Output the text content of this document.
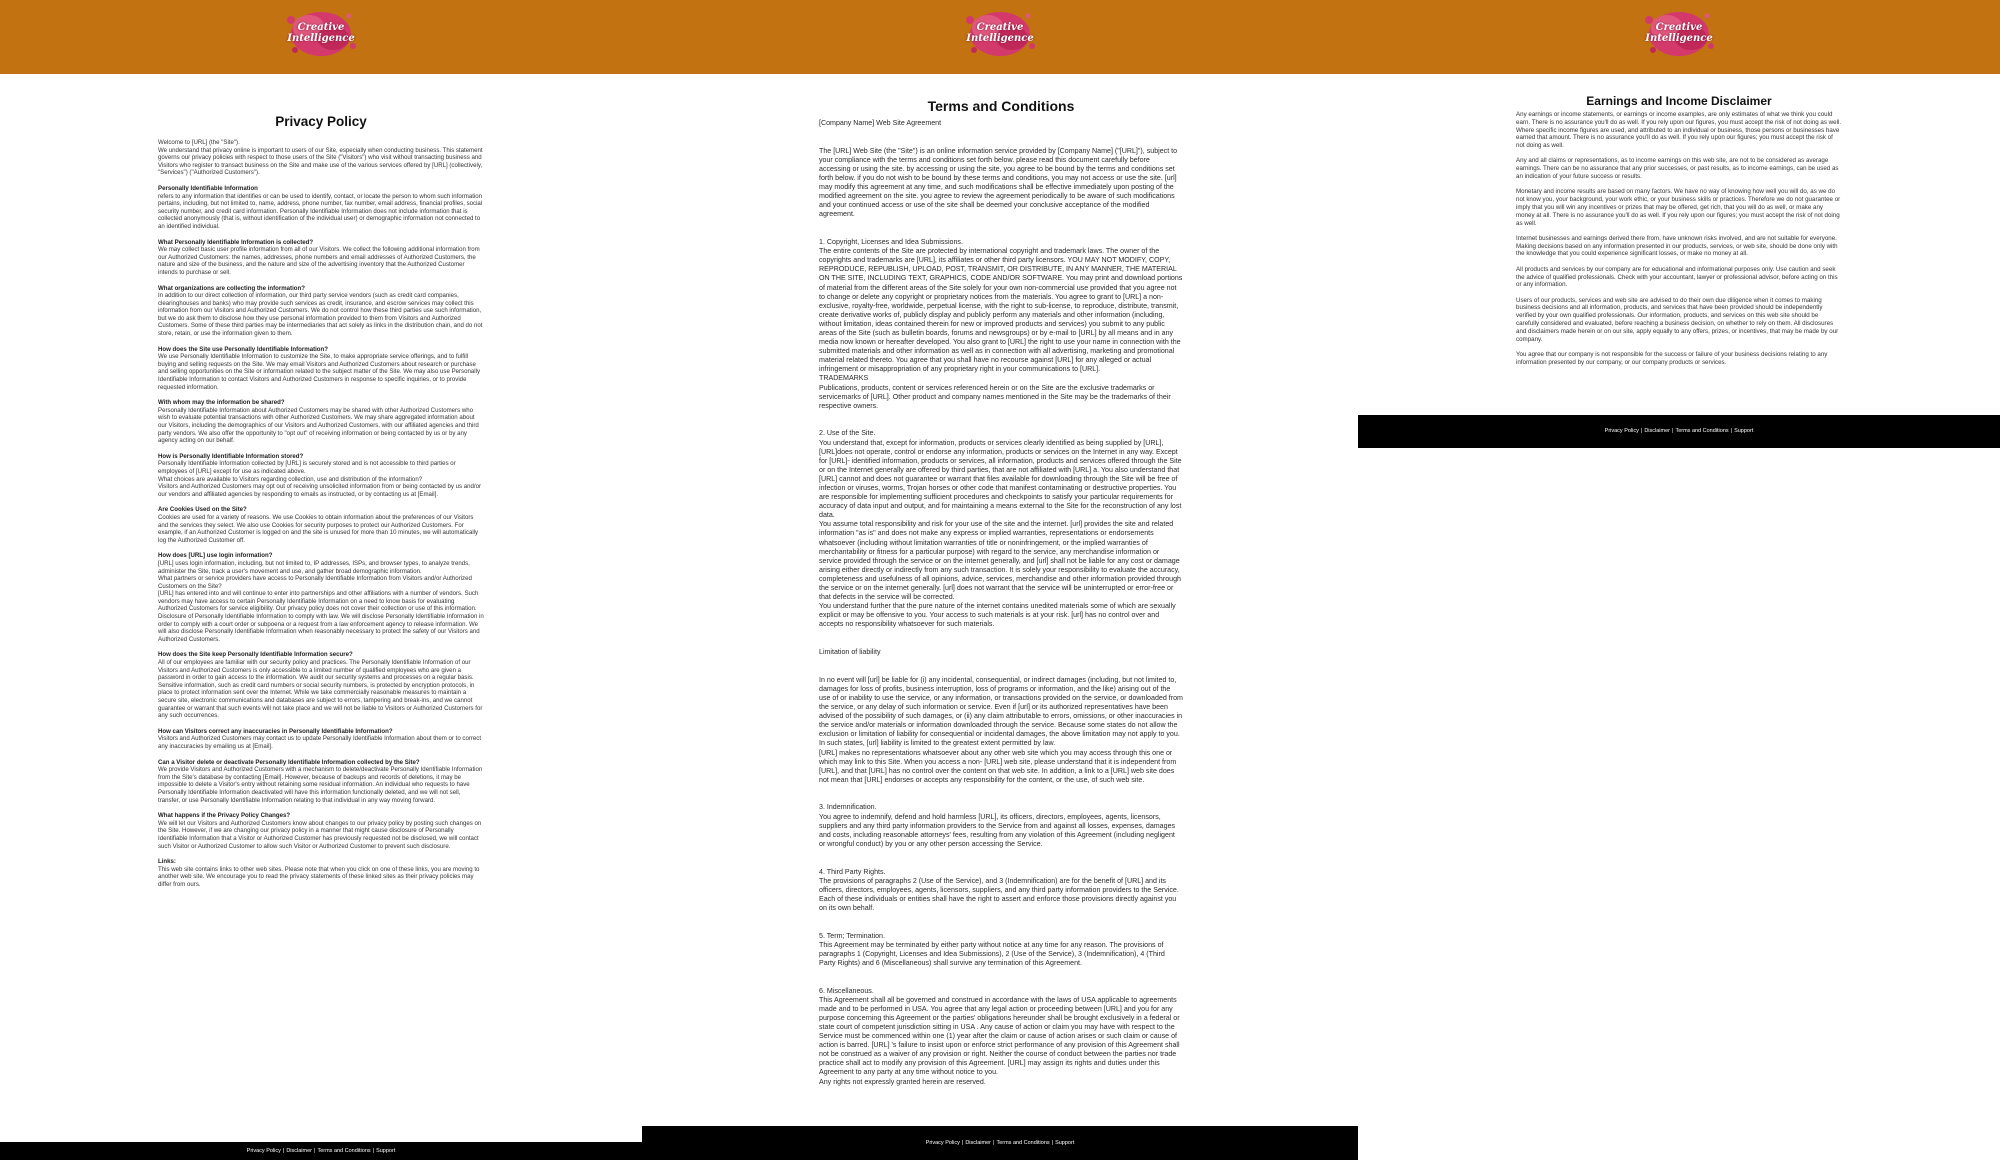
Creative
Intelligence
Privacy Policy
Welcome to [URL] (the "Site").
We understand that privacy online is important to users of our Site, especially when conducting business. This statement governs our privacy policies with respect to those users of the Site ("Visitors") who visit without transacting business and Visitors who register to transact business on the Site and make use of the various services offered by [URL] (collectively, "Services") ("Authorized Customers").
Personally Identifiable Information
refers to any information that identifies or can be used to identify, contact, or locate the person to whom such information pertains, including, but not limited to, name, address, phone number, fax number, email address, financial profiles, social security number, and credit card information. Personally Identifiable Information does not include information that is collected anonymously (that is, without identification of the individual user) or demographic information not connected to an identified individual.
What Personally Identifiable Information is collected?
We may collect basic user profile information from all of our Visitors. We collect the following additional information from our Authorized Customers: the names, addresses, phone numbers and email addresses of Authorized Customers, the nature and size of the business, and the nature and size of the advertising inventory that the Authorized Customer intends to purchase or sell.
What organizations are collecting the information?
In addition to our direct collection of information, our third party service vendors (such as credit card companies, clearinghouses and banks) who may provide such services as credit, insurance, and escrow services may collect this information from our Visitors and Authorized Customers. We do not control how these third parties use such information, but we do ask them to disclose how they use personal information provided to them from Visitors and Authorized Customers. Some of these third parties may be intermediaries that act solely as links in the distribution chain, and do not store, retain, or use the information given to them.
How does the Site use Personally Identifiable Information?
We use Personally Identifiable Information to customize the Site, to make appropriate service offerings, and to fulfill buying and selling requests on the Site. We may email Visitors and Authorized Customers about research or purchase and selling opportunities on the Site or information related to the subject matter of the Site. We may also use Personally Identifiable Information to contact Visitors and Authorized Customers in response to specific inquiries, or to provide requested information.
With whom may the information be shared?
Personally Identifiable Information about Authorized Customers may be shared with other Authorized Customers who wish to evaluate potential transactions with other Authorized Customers. We may share aggregated information about our Visitors, including the demographics of our Visitors and Authorized Customers, with our affiliated agencies and third party vendors. We also offer the opportunity to "opt out" of receiving information or being contacted by us or by any agency acting on our behalf.
How is Personally Identifiable Information stored?
Personally Identifiable Information collected by [URL] is securely stored and is not accessible to third parties or employees of [URL] except for use as indicated above.
What choices are available to Visitors regarding collection, use and distribution of the information?
Visitors and Authorized Customers may opt out of receiving unsolicited information from or being contacted by us and/or our vendors and affiliated agencies by responding to emails as instructed, or by contacting us at [Email].
Are Cookies Used on the Site?
Cookies are used for a variety of reasons. We use Cookies to obtain information about the preferences of our Visitors and the services they select. We also use Cookies for security purposes to protect our Authorized Customers. For example, if an Authorized Customer is logged on and the site is unused for more than 10 minutes, we will automatically log the Authorized Customer off.
How does [URL] use login information?
[URL] uses login information, including, but not limited to, IP addresses, ISPs, and browser types, to analyze trends, administer the Site, track a user's movement and use, and gather broad demographic information.
What partners or service providers have access to Personally Identifiable Information from Visitors and/or Authorized Customers on the Site?
[URL] has entered into and will continue to enter into partnerships and other affiliations with a number of vendors. Such vendors may have access to certain Personally Identifiable Information on a need to know basis for evaluating Authorized Customers for service eligibility. Our privacy policy does not cover their collection or use of this information. Disclosure of Personally Identifiable Information to comply with law. We will disclose Personally Identifiable Information in order to comply with a court order or subpoena or a request from a law enforcement agency to release information. We will also disclose Personally Identifiable Information when reasonably necessary to protect the safety of our Visitors and Authorized Customers.
How does the Site keep Personally Identifiable Information secure?
All of our employees are familiar with our security policy and practices. The Personally Identifiable Information of our Visitors and Authorized Customers is only accessible to a limited number of qualified employees who are given a password in order to gain access to the information. We audit our security systems and processes on a regular basis. Sensitive information, such as credit card numbers or social security numbers, is protected by encryption protocols, in place to protect information sent over the Internet. While we take commercially reasonable measures to maintain a secure site, electronic communications and databases are subject to errors, tampering and break-ins, and we cannot guarantee or warrant that such events will not take place and we will not be liable to Visitors or Authorized Customers for any such occurrences.
How can Visitors correct any inaccuracies in Personally Identifiable Information?
Visitors and Authorized Customers may contact us to update Personally Identifiable Information about them or to correct any inaccuracies by emailing us at [Email].
Can a Visitor delete or deactivate Personally Identifiable Information collected by the Site?
We provide Visitors and Authorized Customers with a mechanism to delete/deactivate Personally Identifiable Information from the Site's database by contacting [Email]. However, because of backups and records of deletions, it may be impossible to delete a Visitor's entry without retaining some residual information. An individual who requests to have Personally Identifiable Information deactivated will have this information functionally deleted, and we will not sell, transfer, or use Personally Identifiable Information relating to that individual in any way moving forward.
What happens if the Privacy Policy Changes?
We will let our Visitors and Authorized Customers know about changes to our privacy policy by posting such changes on the Site. However, if we are changing our privacy policy in a manner that might cause disclosure of Personally Identifiable Information that a Visitor or Authorized Customer has previously requested not be disclosed, we will contact such Visitor or Authorized Customer to allow such Visitor or Authorized Customer to prevent such disclosure.
Links:
This web site contains links to other web sites. Please note that when you click on one of these links, you are moving to another web site. We encourage you to read the privacy statements of these linked sites as their privacy policies may differ from ours.
Privacy Policy | Disclaimer | Terms and Conditions | Support
Creative
Intelligence
Terms and Conditions
[Company Name] Web Site Agreement

The [URL] Web Site (the "Site") is an online information service provided by [Company Name] ("[URL]"), subject to your compliance with the terms and conditions set forth below. please read this document carefully before accessing or using the site. by accessing or using the site, you agree to be bound by the terms and conditions set forth below. if you do not wish to be bound by these terms and conditions, you may not access or use the site. [url] may modify this agreement at any time, and such modifications shall be effective immediately upon posting of the modified agreement on the site. you agree to review the agreement periodically to be aware of such modifications and your continued access or use of the site shall be deemed your conclusive acceptance of the modified agreement.

1. Copyright, Licenses and Idea Submissions.
The entire contents of the Site are protected by international copyright and trademark laws. The owner of the copyrights and trademarks are [URL], its affiliates or other third party licensors. YOU MAY NOT MODIFY, COPY, REPRODUCE, REPUBLISH, UPLOAD, POST, TRANSMIT, OR DISTRIBUTE, IN ANY MANNER, THE MATERIAL ON THE SITE, INCLUDING TEXT, GRAPHICS, CODE AND/OR SOFTWARE. You may print and download portions of material from the different areas of the Site solely for your own non-commercial use provided that you agree not to change or delete any copyright or proprietary notices from the materials. You agree to grant to [URL] a non-exclusive, royalty-free, worldwide, perpetual license, with the right to sub-license, to reproduce, distribute, transmit, create derivative works of, publicly display and publicly perform any materials and other information (including, without limitation, ideas contained therein for new or improved products and services) you submit to any public areas of the Site (such as bulletin boards, forums and newsgroups) or by e-mail to [URL] by all means and in any media now known or hereafter developed. You also grant to [URL] the right to use your name in connection with the submitted materials and other information as well as in connection with all advertising, marketing and promotional material related thereto. You agree that you shall have no recourse against [URL] for any alleged or actual infringement or misappropriation of any proprietary right in your communications to [URL].
TRADEMARKS
Publications, products, content or services referenced herein or on the Site are the exclusive trademarks or servicemarks of [URL]. Other product and company names mentioned in the Site may be the trademarks of their respective owners.

2. Use of the Site.
You understand that, except for information, products or services clearly identified as being supplied by [URL], [URL]does not operate, control or endorse any information, products or services on the Internet in any way. Except for [URL]- identified information, products or services, all information, products and services offered through the Site or on the Internet generally are offered by third parties, that are not affiliated with [URL] a. You also understand that [URL] cannot and does not guarantee or warrant that files available for downloading through the Site will be free of infection or viruses, worms, Trojan horses or other code that manifest contaminating or destructive properties. You are responsible for implementing sufficient procedures and checkpoints to satisfy your particular requirements for accuracy of data input and output, and for maintaining a means external to the Site for the reconstruction of any lost data.
You assume total responsibility and risk for your use of the site and the internet. [url] provides the site and related information "as is" and does not make any express or implied warranties, representations or endorsements whatsoever (including without limitation warranties of title or noninfringement, or the implied warranties of merchantability or fitness for a particular purpose) with regard to the service, any merchandise information or service provided through the service or on the internet generally, and [url] shall not be liable for any cost or damage arising either directly or indirectly from any such transaction. It is solely your responsibility to evaluate the accuracy, completeness and usefulness of all opinions, advice, services, merchandise and other information provided through the service or on the internet generally. [url] does not warrant that the service will be uninterrupted or error-free or that defects in the service will be corrected.
You understand further that the pure nature of the internet contains unedited materials some of which are sexually explicit or may be offensive to you. Your access to such materials is at your risk. [url] has no control over and accepts no responsibility whatsoever for such materials.

Limitation of liability

In no event will [url] be liable for (i) any incidental, consequential, or indirect damages (including, but not limited to, damages for loss of profits, business interruption, loss of programs or information, and the like) arising out of the use of or inability to use the service, or any information, or transactions provided on the service, or downloaded from the service, or any delay of such information or service. Even if [url] or its authorized representatives have been advised of the possibility of such damages, or (ii) any claim attributable to errors, omissions, or other inaccuracies in the service and/or materials or information downloaded through the service. Because some states do not allow the exclusion or limitation of liability for consequential or incidental damages, the above limitation may not apply to you. In such states, [url] liability is limited to the greatest extent permitted by law.
[URL] makes no representations whatsoever about any other web site which you may access through this one or which may link to this Site. When you access a non- [URL] web site, please understand that it is independent from [URL], and that [URL] has no control over the content on that web site. In addition, a link to a [URL] web site does not mean that [URL] endorses or accepts any responsibility for the content, or the use, of such web site.

3. Indemnification.
You agree to indemnify, defend and hold harmless [URL], its officers, directors, employees, agents, licensors, suppliers and any third party information providers to the Service from and against all losses, expenses, damages and costs, including reasonable attorneys' fees, resulting from any violation of this Agreement (including negligent or wrongful conduct) by you or any other person accessing the Service.

4. Third Party Rights.
The provisions of paragraphs 2 (Use of the Service), and 3 (Indemnification) are for the benefit of [URL] and its officers, directors, employees, agents, licensors, suppliers, and any third party information providers to the Service. Each of these individuals or entities shall have the right to assert and enforce those provisions directly against you on its own behalf.

5. Term; Termination.
This Agreement may be terminated by either party without notice at any time for any reason. The provisions of paragraphs 1 (Copyright, Licenses and Idea Submissions), 2 (Use of the Service), 3 (Indemnification), 4 (Third Party Rights) and 6 (Miscellaneous) shall survive any termination of this Agreement.

6. Miscellaneous.
This Agreement shall all be governed and construed in accordance with the laws of USA applicable to agreements made and to be performed in USA. You agree that any legal action or proceeding between [URL] and you for any purpose concerning this Agreement or the parties' obligations hereunder shall be brought exclusively in a federal or state court of competent jurisdiction sitting in USA . Any cause of action or claim you may have with respect to the Service must be commenced within one (1) year after the claim or cause of action arises or such claim or cause of action is barred. [URL] 's failure to insist upon or enforce strict performance of any provision of this Agreement shall not be construed as a waiver of any provision or right. Neither the course of conduct between the parties nor trade practice shall act to modify any provision of this Agreement. [URL] may assign its rights and duties under this Agreement to any party at any time without notice to you.
Any rights not expressly granted herein are reserved.
Privacy Policy | Disclaimer | Terms and Conditions | Support
Creative
Intelligence
Earnings and Income Disclaimer
Any earnings or income statements, or earnings or income examples, are only estimates of what we think you could earn. There is no assurance you'll do as well. If you rely upon our figures, you must accept the risk of not doing as well. Where specific income figures are used, and attributed to an individual or business, those persons or businesses have earned that amount. There is no assurance you'll do as well. If you rely upon our figures; you must accept the risk of not doing as well.
Any and all claims or representations, as to income earnings on this web site, are not to be considered as average earnings. There can be no assurance that any prior successes, or past results, as to income earnings, can be used as an indication of your future success or results.
Monetary and income results are based on many factors. We have no way of knowing how well you will do, as we do not know you, your background, your work ethic, or your business skills or practices. Therefore we do not guarantee or imply that you will win any incentives or prizes that may be offered, get rich, that you will do as well, or make any money at all. There is no assurance you'll do as well. If you rely upon our figures; you must accept the risk of not doing as well.
Internet businesses and earnings derived there from, have unknown risks involved, and are not suitable for everyone. Making decisions based on any information presented in our products, services, or web site, should be done only with the knowledge that you could experience significant losses, or make no money at all.
All products and services by our company are for educational and informational purposes only. Use caution and seek the advice of qualified professionals. Check with your accountant, lawyer or professional advisor, before acting on this or any information.
Users of our products, services and web site are advised to do their own due diligence when it comes to making business decisions and all information, products, and services that have been provided should be independently verified by your own qualified professionals. Our information, products, and services on this web site should be carefully considered and evaluated, before reaching a business decision, on whether to rely on them. All disclosures and disclaimers made herein or on our site, apply equally to any offers, prizes, or incentives, that may be made by our company.
You agree that our company is not responsible for the success or failure of your business decisions relating to any information presented by our company, or our company products or services.
Privacy Policy | Disclaimer | Terms and Conditions | Support
